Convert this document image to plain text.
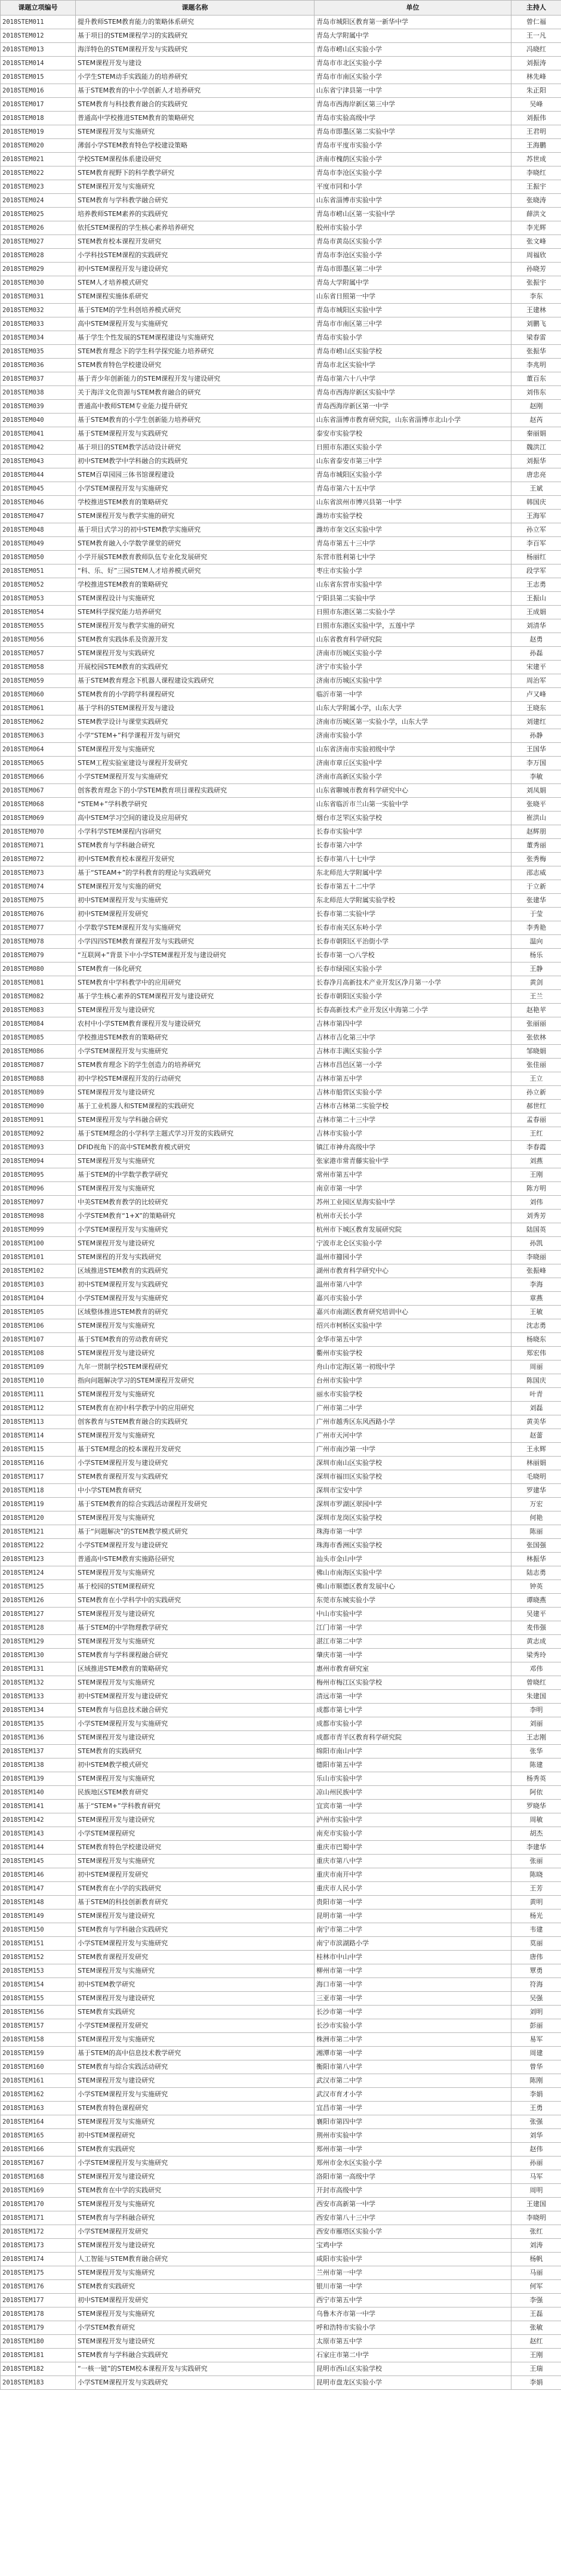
课题立项编号	课题名称	单位	主持人
2018STEM011	提升教师STEM教育能力的策略体系研究	青岛市城阳区教育第一新华中学	曾仁福
2018STEM012	基于项目的STEM课程学习的实践研究	青岛大学附属中学	王一凡
2018STEM013	海洋特色的STEM课程开发与实践研究	青岛市崂山区实验小学	冯晓红
2018STEM014	STEM课程开发与建设	青岛市市北区实验小学	刘振涛
2018STEM015	小学生STEM动手实践能力的培养研究	青岛市市南区实验小学	林先峰
2018STEM016	基于STEM教育的中小学创新人才培养研究	山东省宁津县第一中学	朱正阳
2018STEM017	STEM教育与科技教育融合的实践研究	青岛市西海岸新区第三中学	吴峰
2018STEM018	普通高中学校推进STEM教育的策略研究	青岛市实验高级中学	刘振伟
2018STEM019	STEM课程开发与实施研究	青岛市即墨区第二实验中学	王君明
2018STEM020	薄弱小学STEM教育特色学校建设策略	青岛市平度市实验小学	王海鹏
2018STEM021	学校STEM课程体系建设研究	济南市槐荫区实验小学	苏世成
2018STEM022	STEM教育视野下的科学教学研究	青岛市李沧区实验小学	李晓红
2018STEM023	STEM课程开发与实施研究	平度市同和小学	王振宇
2018STEM024	STEM教育与学科教学融合研究	山东省淄博市实验中学	张晓涛
2018STEM025	培养教师STEM素养的实践研究	青岛市崂山区第一实验中学	薛洪文
2018STEM026	依托STEM课程的学生核心素养培养研究	胶州市实验小学	李光辉
2018STEM027	STEM教育校本课程开发研究	青岛市黄岛区实验小学	张文峰
2018STEM028	小学科技STEM课程的实践研究	青岛市李沧区实验小学	周福欣
2018STEM029	初中STEM课程开发与建设研究	青岛市即墨区第二中学	孙晓芳
2018STEM030	STEM人才培养模式研究	青岛大学附属中学	张振宇
2018STEM031	STEM课程实施体系研究	山东省日照第一中学	李东
2018STEM032	基于STEM的学生科创培养模式研究	青岛市城阳区实验中学	王建林
2018STEM033	高中STEM课程开发与实施研究	青岛市市南区第三中学	刘鹏飞
2018STEM034	基于学生个性发展的STEM课程建设与实施研究	青岛市实验小学	梁春雷
2018STEM035	STEM教育理念下的学生科学探究能力培养研究	青岛市崂山区实验学校	张振华
2018STEM036	STEM教育特色学校建设研究	青岛市北区实验中学	李兆明
2018STEM037	基于青少年创新能力的STEM课程开发与建设研究	青岛市第六十八中学	董百东
2018STEM038	关于海洋文化资源与STEM教育融合的研究	青岛市西海岸新区实验中学	刘伟东
2018STEM039	普通高中教师STEM专业能力提升研究	青岛西海岸新区第一中学	赵刚
2018STEM040	基于STEM教育的小学生创新能力培养研究	山东省淄博市教育研究院，山东省淄博市北山小学	赵芮
2018STEM041	基于STEM课程开发与实践研究	泰安市实验学校	秦丽娟
2018STEM042	基于项目的STEM教学活动设计研究	日照市东港区实验小学	魏洪江
2018STEM043	初中STEM教学中学科融合的实践研究	山东省泰安市第三中学	刘振华
2018STEM044	STEM百草园园三体书馆课程建设	青岛市城阳区实验小学	唐忠亮
2018STEM045	小学STEM课程开发与实施研究	青岛市第六十五中学	王斌
2018STEM046	学校推进STEM教育的策略研究	山东省滨州市博兴县第一中学	韩国庆
2018STEM047	STEM课程开发与教学实施的研究	潍坊市实验学校	王海军
2018STEM048	基于项目式学习的初中STEM教学实施研究	潍坊市奎文区实验中学	孙立军
2018STEM049	STEM教育融入小学数学课堂的研究	青岛市第五十三中学	李百军
2018STEM050	小学开展STEM教育教师队伍专业化发展研究	东营市胜利第七中学	杨丽红
2018STEM051	“科、乐、好”三园STEM人才培养模式研究	枣庄市实验小学	段学军
2018STEM052	学校推进STEM教育的策略研究	山东省东营市实验中学	王志勇
2018STEM053	STEM课程设计与实施研究	宁阳县第二实验中学	王振山
2018STEM054	STEM科学探究能力培养研究	日照市东港区第二实验小学	王成娟
2018STEM055	STEM课程开发与教学实施的研究	日照市东港区实验中学，五莲中学	刘清华
2018STEM056	STEM教育实践体系及资源开发	山东省教育科学研究院	赵勇
2018STEM057	STEM课程开发与实践研究	济南市历城区实验小学	孙磊
2018STEM058	开展校园STEM教育的实践研究	济宁市实验小学	宋建平
2018STEM059	基于STEM教育理念下机器人课程建设实践研究	济南市历城区实验中学	周治军
2018STEM060	STEM教育的小学跨学科课程研究	临沂市第一中学	卢又峰
2018STEM061	基于学科的STEM课程开发与建设	山东大学附属小学，山东大学	王晓东
2018STEM062	STEM教学设计与课堂实践研究	济南市历城区第一实验小学，山东大学	刘建红
2018STEM063	小学“STEM+”科学课程开发与研究	济南市实验小学	孙静
2018STEM064	STEM课程开发与实施研究	山东省济南市实验初级中学	王国华
2018STEM065	STEM工程实验室建设与课程开发研究	济南市章丘区实验中学	李万国
2018STEM066	小学STEM课程开发与实施研究	济南市高新区实验小学	李敏
2018STEM067	创客教育理念下的小学STEM教育项目课程实践研究	山东省聊城市教育科学研究中心	刘凤娟
2018STEM068	“STEM+”学科教学研究	山东省临沂市兰山第一实验中学	张晓平
2018STEM069	高中STEM学习空间的建设及应用研究	烟台市芝罘区实验学校	崔洪山
2018STEM070	小学科学STEM课程内容研究	长春市实验中学	赵辉朋
2018STEM071	STEM教育与学科融合研究	长春市第六中学	董秀丽
2018STEM072	初中STEM教育校本课程开发研究	长春市第八十七中学	张秀梅
2018STEM073	基于“STEAM+”的学科教育的理论与实践研究	东北师范大学附属中学	邵志威
2018STEM074	STEM课程开发与实施的研究	长春市第五十二中学	于立新
2018STEM075	初中STEM课程开发与实施研究	东北师范大学附属实验学校	张建华
2018STEM076	初中STEM课程开发研究	长春市第二实验中学	于莹
2018STEM077	小学数学STEM课程开发与实施研究	长春市南关区东岭小学	李秀艳
2018STEM078	小学四四STEM教育课程开发与实践研究	长春市朝阳区平治街小学	温向
2018STEM079	“互联网+”背景下中小学STEM课程开发与建设研究	长春市第一○八学校	杨乐
2018STEM080	STEM教育一体化研究	长春市绿园区实验小学	王静
2018STEM081	STEM教育中学科教学中的应用研究	长春净月高新技术产业开发区净月第一小学	黄剑
2018STEM082	基于学生核心素养的STEM课程开发与建设研究	长春市朝阳区实验小学	王兰
2018STEM083	STEM课程开发与建设研究	长春高新技术产业开发区中海第二小学	赵艳苹
2018STEM084	农村中小学STEM教育课程开发与建设研究	吉林市第四中学	张丽丽
2018STEM085	学校推进STEM教育的策略研究	吉林市吉化第三中学	张依林
2018STEM086	小学STEM课程开发与实施研究	吉林市丰满区实验小学	邹晓娟
2018STEM087	STEM教育理念下的学生创造力的培养研究	吉林市昌邑区第一小学	张佳丽
2018STEM088	初中学校STEM课程开发的行动研究	吉林市第五中学	王立
2018STEM089	STEM课程开发与建设研究	吉林市船营区实验小学	孙立新
2018STEM090	基于工业机器人和STEM课程的实践研究	吉林市吉林第二实验学校	郝世红
2018STEM091	STEM课程开发与学科融合研究	吉林市第二十三中学	孟春丽
2018STEM092	基于STEM理念的小学科学主题式学习开发的实践研究	吉林市实验小学	王红
2018STEM093	DFID视角下的高中STEM教育模式研究	镇江市神舟高级中学	李春霞
2018STEM094	STEM课程开发与实施研究	张家港市常青藤实验中学	刘燕
2018STEM095	基于STEM的中学数学教学研究	常州市第五中学	王刚
2018STEM096	STEM课程开发与实施研究	南京市第一中学	陈方明
2018STEM097	中美STEM教育教学的比较研究	苏州工业园区星海实验中学	刘伟
2018STEM098	小学STEM教育“1+X”的策略研究	杭州市天长小学	刘秀芳
2018STEM099	小学STEM课程开发与实施研究	杭州市下城区教育发展研究院	陆国英
2018STEM100	STEM课程开发与建设研究	宁波市北仑区实验小学	孙凯
2018STEM101	STEM课程的开发与实践研究	温州市籀园小学	李晓丽
2018STEM102	区域推进STEM教育的实践研究	湖州市教育科学研究中心	张振峰
2018STEM103	初中STEM课程开发与实践研究	温州市第八中学	李海
2018STEM104	小学STEM课程开发与实施研究	嘉兴市实验小学	章燕
2018STEM105	区域整体推进STEM教育的研究	嘉兴市南湖区教育研究培训中心	王敏
2018STEM106	STEM课程开发与实施研究	绍兴市柯桥区实验中学	沈志勇
2018STEM107	基于STEM教育的劳动教育研究	金华市第五中学	杨晓东
2018STEM108	STEM课程开发与建设研究	衢州市实验学校	郑宏伟
2018STEM109	九年一贯制学校STEM课程研究	舟山市定海区第一初级中学	周丽
2018STEM110	指向问题解决学习的STEM课程开发研究	台州市实验中学	陈国庆
2018STEM111	STEM课程开发与实施研究	丽水市实验学校	叶青
2018STEM112	STEM教育在初中科学教学中的应用研究	广州市第二中学	刘磊
2018STEM113	创客教育与STEM教育融合的实践研究	广州市越秀区东风西路小学	黄美华
2018STEM114	STEM课程开发与实施研究	广州市天河中学	赵蕾
2018STEM115	基于STEM理念的校本课程开发研究	广州市南沙第一中学	王永辉
2018STEM116	小学STEM课程开发与建设研究	深圳市南山区实验学校	林丽娟
2018STEM117	STEM教育课程开发与实践研究	深圳市福田区实验学校	毛晓明
2018STEM118	中小学STEM教育研究	深圳市宝安中学	罗建华
2018STEM119	基于STEM教育的综合实践活动课程开发研究	深圳市罗湖区翠园中学	万宏
2018STEM120	STEM课程开发与实施研究	深圳市龙岗区实验学校	何艳
2018STEM121	基于“问题解决”的STEM教学模式研究	珠海市第一中学	陈丽
2018STEM122	小学STEM课程开发与建设研究	珠海市香洲区实验学校	张国强
2018STEM123	普通高中STEM教育实施路径研究	汕头市金山中学	林振华
2018STEM124	STEM课程开发与实施研究	佛山市南海区实验中学	陆志勇
2018STEM125	基于校园的STEM课程研究	佛山市顺德区教育发展中心	钟英
2018STEM126	STEM教育在小学科学中的实践研究	东莞市东城实验小学	谭晓燕
2018STEM127	STEM课程开发与建设研究	中山市实验中学	吴建平
2018STEM128	基于STEM的中学物理教学研究	江门市第一中学	麦伟强
2018STEM129	STEM课程开发与实施研究	湛江市第二中学	黄志成
2018STEM130	STEM教育与学科课程融合研究	肇庆市第一中学	梁秀玲
2018STEM131	区域推进STEM教育的策略研究	惠州市教育研究室	邓伟
2018STEM132	STEM课程开发与实施研究	梅州市梅江区实验学校	曾晓红
2018STEM133	初中STEM课程开发与建设研究	清远市第一中学	朱建国
2018STEM134	STEM教育与信息技术融合研究	成都市第七中学	李明
2018STEM135	小学STEM课程开发与实施研究	成都市实验小学	刘丽
2018STEM136	STEM课程开发与建设研究	成都市青羊区教育科学研究院	王志刚
2018STEM137	STEM教育的实践研究	绵阳市南山中学	张华
2018STEM138	初中STEM教学模式研究	德阳市第五中学	陈建
2018STEM139	STEM课程开发与实施研究	乐山市实验中学	杨秀英
2018STEM140	民族地区STEM教育研究	凉山州民族中学	阿依
2018STEM141	基于“STEM+”学科教育研究	宜宾市第一中学	罗晓华
2018STEM142	STEM课程开发与建设研究	泸州市实验中学	周敏
2018STEM143	小学STEM课程研究	南充市实验小学	胡杰
2018STEM144	STEM教育特色学校建设研究	重庆市巴蜀中学	李建华
2018STEM145	STEM课程开发与实施研究	重庆市第八中学	张丽
2018STEM146	初中STEM课程开发研究	重庆市南开中学	陈晓
2018STEM147	STEM教育在小学的实践研究	重庆市人民小学	王芳
2018STEM148	基于STEM的科技创新教育研究	贵阳市第一中学	黄明
2018STEM149	STEM课程开发与建设研究	昆明市第一中学	杨光
2018STEM150	STEM教育与学科融合实践研究	南宁市第二中学	韦建
2018STEM151	小学STEM课程开发与实施研究	南宁市滨湖路小学	莫丽
2018STEM152	STEM教育课程开发研究	桂林市中山中学	唐伟
2018STEM153	STEM课程开发与实施研究	柳州市第一中学	覃勇
2018STEM154	初中STEM教学研究	海口市第一中学	符海
2018STEM155	STEM课程开发与建设研究	三亚市第一中学	吴强
2018STEM156	STEM教育实践研究	长沙市第一中学	刘明
2018STEM157	小学STEM课程开发研究	长沙市实验小学	彭丽
2018STEM158	STEM课程开发与实施研究	株洲市第二中学	易军
2018STEM159	基于STEM的高中信息技术教学研究	湘潭市第一中学	周建
2018STEM160	STEM教育与综合实践活动研究	衡阳市第八中学	曾华
2018STEM161	STEM课程开发与建设研究	武汉市第二中学	陈刚
2018STEM162	小学STEM课程开发与实施研究	武汉市育才小学	李娟
2018STEM163	STEM教育特色课程研究	宜昌市第一中学	王勇
2018STEM164	STEM课程开发与实施研究	襄阳市第四中学	张强
2018STEM165	初中STEM课程研究	荆州市实验中学	刘华
2018STEM166	STEM教育实践研究	郑州市第一中学	赵伟
2018STEM167	小学STEM课程开发与实施研究	郑州市金水区实验小学	孙丽
2018STEM168	STEM课程开发与建设研究	洛阳市第一高级中学	马军
2018STEM169	STEM教育在中学的实践研究	开封市高级中学	周明
2018STEM170	STEM课程开发与实施研究	西安市高新第一中学	王建国
2018STEM171	STEM教育与学科融合研究	西安市第八十三中学	李晓明
2018STEM172	小学STEM课程开发研究	西安市雁塔区实验小学	张红
2018STEM173	STEM课程开发与建设研究	宝鸡中学	刘涛
2018STEM174	人工智能与STEM教育融合研究	咸阳市实验中学	杨帆
2018STEM175	STEM课程开发与实施研究	兰州市第一中学	马丽
2018STEM176	STEM教育实践研究	银川市第一中学	何军
2018STEM177	初中STEM课程开发研究	西宁市第五中学	李强
2018STEM178	STEM课程开发与实施研究	乌鲁木齐市第一中学	王磊
2018STEM179	小学STEM教育研究	呼和浩特市实验小学	张敏
2018STEM180	STEM课程开发与建设研究	太原市第五中学	赵红
2018STEM181	STEM教育与学科融合实践研究	石家庄市第二中学	王刚
2018STEM182	“一核一链”的STEM校本课程开发与实践研究	昆明市西山区实验学校	王瑞
2018STEM183	小学STEM课程开发与实践研究	昆明市盘龙区实验小学	李娟
